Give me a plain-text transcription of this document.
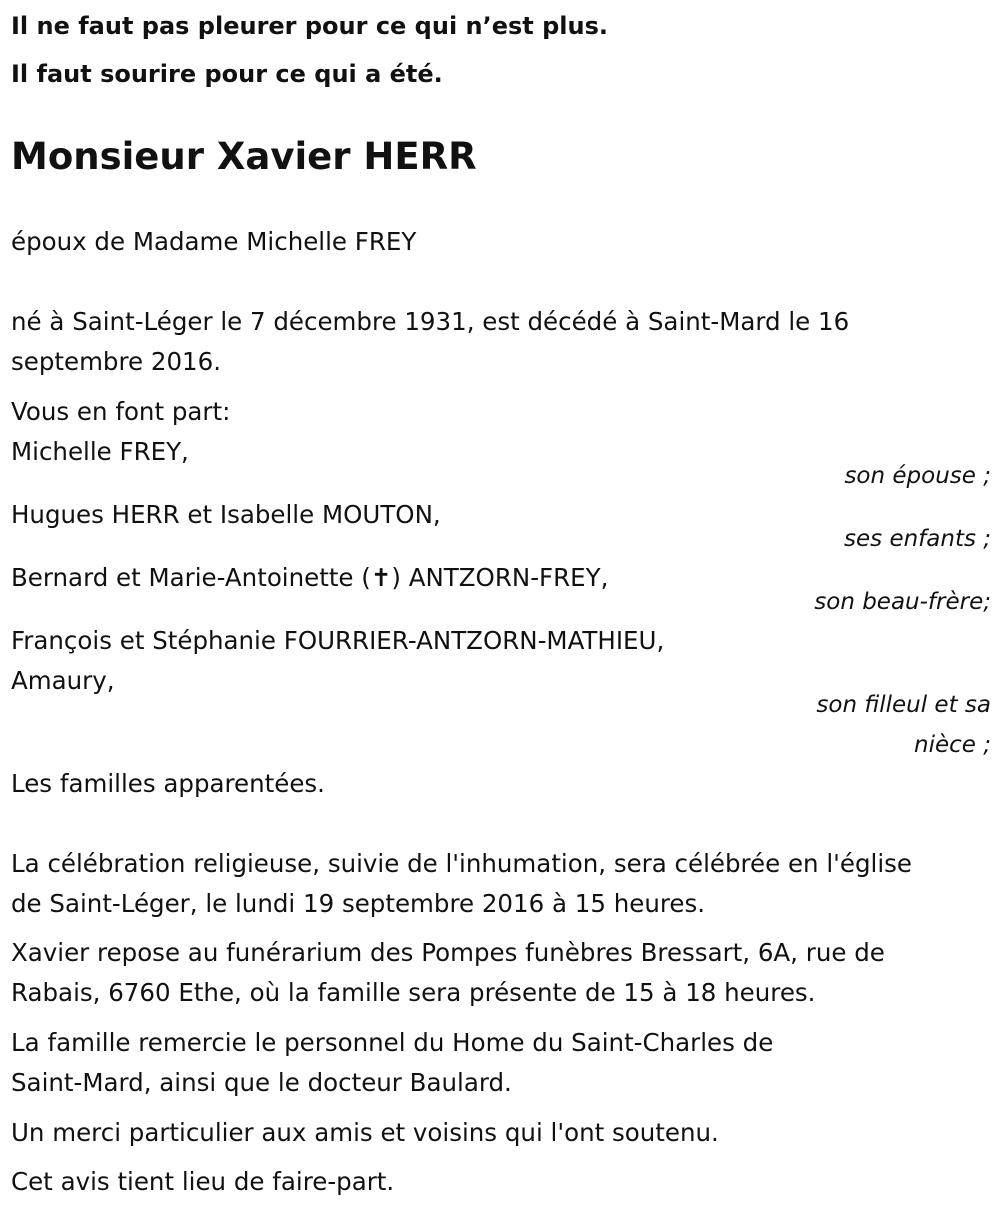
Il ne faut pas pleurer pour ce qui n’est plus.

Il faut sourire pour ce qui a été.

Monsieur Xavier HERR

époux de Madame Michelle FREY

né à Saint-Léger le 7 décembre 1931, est décédé à Saint-Mard le 16

septembre 2016.

Vous en font part:

Michelle FREY,

son épouse ;

Hugues HERR et Isabelle MOUTON,

ses enfants ;

Bernard et Marie-Antoinette (✝) ANTZORN-FREY,

son beau-frère;

François et Stéphanie FOURRIER-ANTZORN-MATHIEU,

Amaury,

son filleul et sa

nièce ;

Les familles apparentées.

La célébration religieuse, suivie de l'inhumation, sera célébrée en l'église

de Saint-Léger, le lundi 19 septembre 2016 à 15 heures.

Xavier repose au funérarium des Pompes funèbres Bressart, 6A, rue de

Rabais, 6760 Ethe, où la famille sera présente de 15 à 18 heures.

La famille remercie le personnel du Home du Saint-Charles de

Saint-Mard, ainsi que le docteur Baulard.

Un merci particulier aux amis et voisins qui l'ont soutenu.

Cet avis tient lieu de faire-part.
